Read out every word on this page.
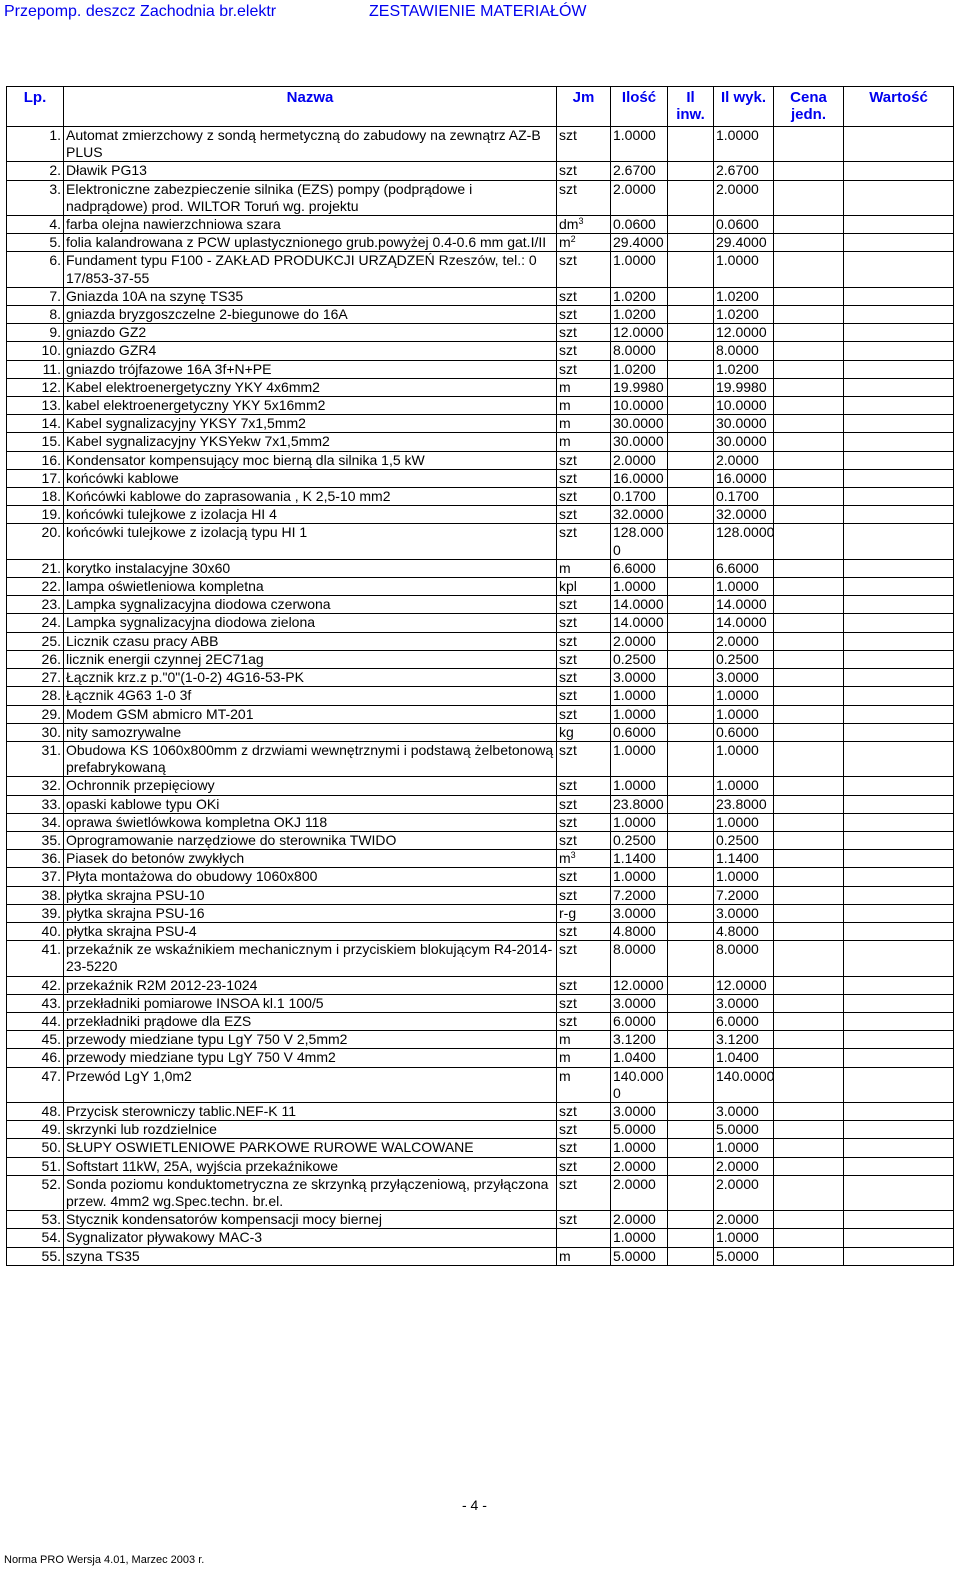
Przepomp. deszcz Zachodnia br.elektr	ZESTAWIENIE MATERIAŁÓW
Lp.	Nazwa	Jm	Ilość	Il inw.	Il wyk.	Cena jedn.	Wartość
1.	Automat zmierzchowy z sondą hermetyczną do zabudowy na zewnątrz AZ-B PLUS	szt	1.0000		1.0000		
2.	Dławik PG13	szt	2.6700		2.6700		
3.	Elektroniczne zabezpieczenie silnika (EZS) pompy (podprądowe i nadprądowe) prod. WILTOR Toruń wg. projektu	szt	2.0000		2.0000		
4.	farba olejna nawierzchniowa szara	$dm^3$	0.0600		0.0600		
5.	folia kalandrowana z PCW uplastycznionego grub.powyżej 0.4-0.6 mm gat.I/II	$m^2$	29.4000		29.4000		
6.	Fundament typu F100 - ZAKŁAD PRODUKCJI URZĄDZEŃ Rzeszów, tel.: 0 17/853-37-55	szt	1.0000		1.0000		
7.	Gniazda 10A na szynę TS35	szt	1.0200		1.0200		
8.	gniazda bryzgoszczelne 2-biegunowe do 16A	szt	1.0200		1.0200		
9.	gniazdo GZ2	szt	12.0000		12.0000		
10.	gniazdo GZR4	szt	8.0000		8.0000		
11.	gniazdo trójfazowe 16A 3f+N+PE	szt	1.0200		1.0200		
12.	Kabel elektroenergetyczny YKY 4x6mm2	m	19.9980		19.9980		
13.	kabel elektroenergetyczny YKY 5x16mm2	m	10.0000		10.0000		
14.	Kabel sygnalizacyjny YKSY 7x1,5mm2	m	30.0000		30.0000		
15.	Kabel sygnalizacyjny YKSYekw 7x1,5mm2	m	30.0000		30.0000		
16.	Kondensator kompensujący moc bierną dla silnika 1,5 kW	szt	2.0000		2.0000		
17.	końcówki kablowe	szt	16.0000		16.0000		
18.	Końcówki kablowe do zaprasowania , K 2,5-10 mm2	szt	0.1700		0.1700		
19.	końcówki tulejkowe z izolacja HI 4	szt	32.0000		32.0000		
20.	końcówki tulejkowe z izolacją typu HI 1	szt	128.0000		128.0000		
21.	korytko instalacyjne 30x60	m	6.6000		6.6000		
22.	lampa oświetleniowa kompletna	kpl	1.0000		1.0000		
23.	Lampka sygnalizacyjna diodowa czerwona	szt	14.0000		14.0000		
24.	Lampka sygnalizacyjna diodowa zielona	szt	14.0000		14.0000		
25.	Licznik czasu pracy ABB	szt	2.0000		2.0000		
26.	licznik energii czynnej 2EC71ag	szt	0.2500		0.2500		
27.	Łącznik krz.z p."0"(1-0-2) 4G16-53-PK	szt	3.0000		3.0000		
28.	Łącznik 4G63 1-0 3f	szt	1.0000		1.0000		
29.	Modem GSM abmicro MT-201	szt	1.0000		1.0000		
30.	nity samozrywalne	kg	0.6000		0.6000		
31.	Obudowa KS 1060x800mm z drzwiami wewnętrznymi i podstawą żelbetonową prefabrykowaną	szt	1.0000		1.0000		
32.	Ochronnik przepięciowy	szt	1.0000		1.0000		
33.	opaski kablowe typu OKi	szt	23.8000		23.8000		
34.	oprawa świetlówkowa kompletna OKJ 118	szt	1.0000		1.0000		
35.	Oprogramowanie narzędziowe do sterownika TWIDO	szt	0.2500		0.2500		
36.	Piasek do betonów zwykłych	$m^3$	1.1400		1.1400		
37.	Płyta montażowa do obudowy 1060x800	szt	1.0000		1.0000		
38.	płytka skrajna PSU-10	szt	7.2000		7.2000		
39.	płytka skrajna PSU-16	r-g	3.0000		3.0000		
40.	płytka skrajna PSU-4	szt	4.8000		4.8000		
41.	przekaźnik ze wskaźnikiem mechanicznym i przyciskiem blokującym R4-2014-23-5220	szt	8.0000		8.0000		
42.	przekaźnik R2M 2012-23-1024	szt	12.0000		12.0000		
43.	przekładniki pomiarowe INSOA kl.1 100/5	szt	3.0000		3.0000		
44.	przekładniki prądowe dla EZS	szt	6.0000		6.0000		
45.	przewody miedziane typu LgY 750 V 2,5mm2	m	3.1200		3.1200		
46.	przewody miedziane typu LgY 750 V 4mm2	m	1.0400		1.0400		
47.	Przewód LgY 1,0m2	m	140.0000		140.0000		
48.	Przycisk sterowniczy tablic.NEF-K 11	szt	3.0000		3.0000		
49.	skrzynki lub rozdzielnice	szt	5.0000		5.0000		
50.	SŁUPY OSWIETLENIOWE PARKOWE RUROWE WALCOWANE	szt	1.0000		1.0000		
51.	Softstart 11kW, 25A, wyjścia przekaźnikowe	szt	2.0000		2.0000		
52.	Sonda poziomu konduktometryczna ze skrzynką przyłączeniową, przyłączona przew. 4mm2 wg.Spec.techn. br.el.	szt	2.0000		2.0000		
53.	Stycznik kondensatorów kompensacji mocy biernej	szt	2.0000		2.0000		
54.	Sygnalizator pływakowy MAC-3		1.0000		1.0000		
55.	szyna TS35	m	5.0000		5.0000		
- 4 -
Norma PRO Wersja 4.01, Marzec 2003 r.
